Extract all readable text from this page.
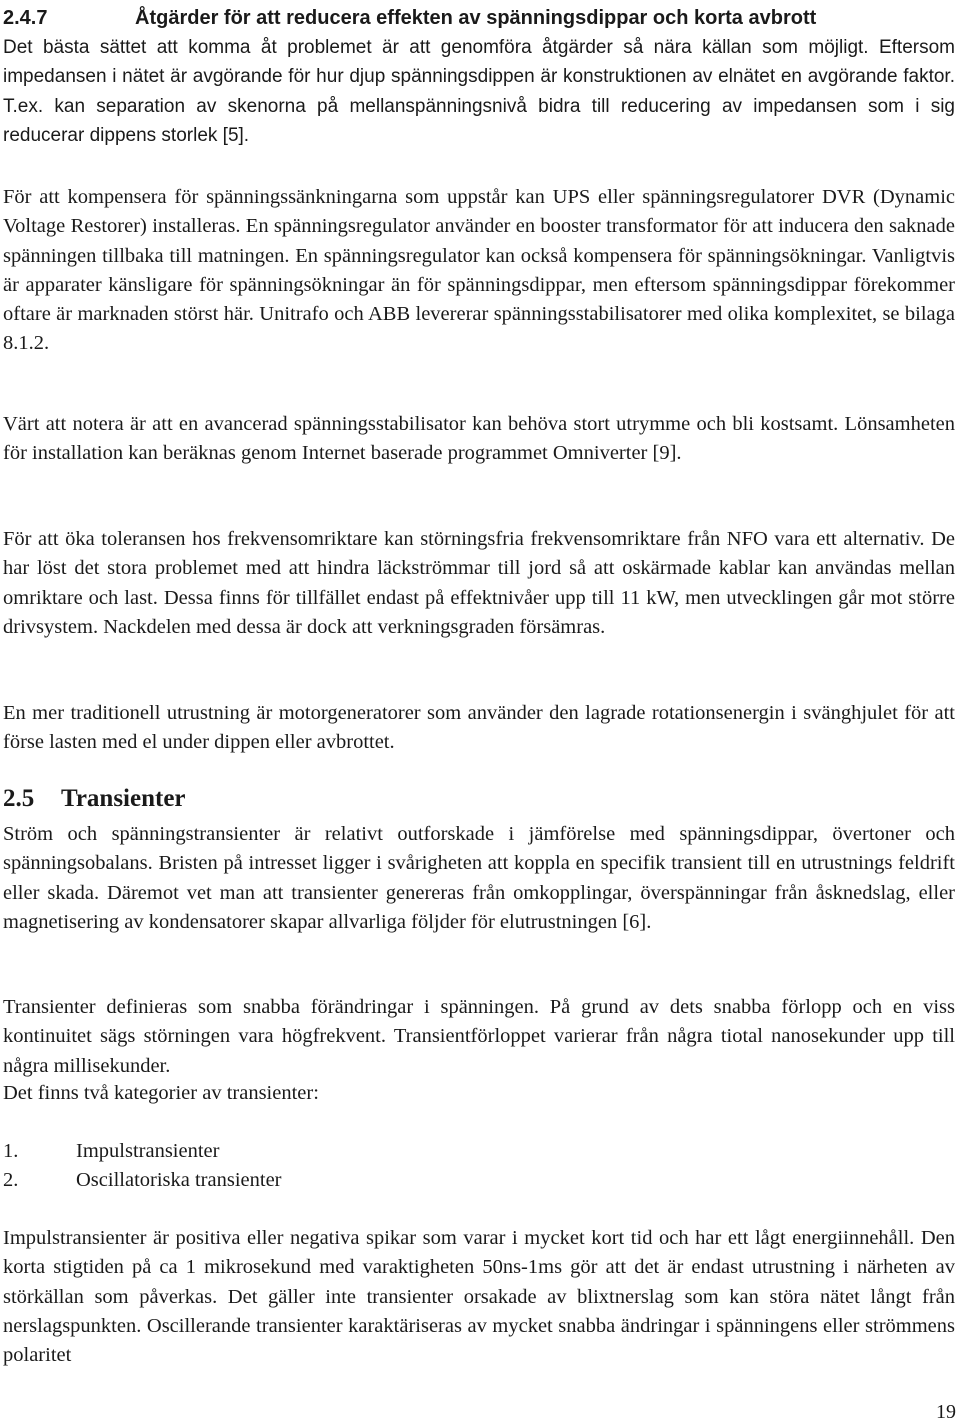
2.4.7	Åtgärder för att reducera effekten av spänningsdippar och korta avbrott

Det bästa sättet att komma åt problemet är att genomföra åtgärder så nära källan som möjligt. Eftersom impedansen i nätet är avgörande för hur djup spänningsdippen är konstruktionen av elnätet en avgörande faktor. T.ex. kan separation av skenorna på mellanspänningsnivå bidra till reducering av impedansen som i sig reducerar dippens storlek [5].

För att kompensera för spänningssänkningarna som uppstår kan UPS eller spänningsregulatorer DVR (Dynamic Voltage Restorer) installeras. En spänningsregulator använder en booster transformator för att inducera den saknade spänningen tillbaka till matningen. En spänningsregulator kan också kompensera för spänningsökningar. Vanligtvis är apparater känsligare för spänningsökningar än för spänningsdippar, men eftersom spänningsdippar förekommer oftare är marknaden störst här. Unitrafo och ABB levererar spänningsstabilisatorer med olika komplexitet, se bilaga 8.1.2.

Värt att notera är att en avancerad spänningsstabilisator kan behöva stort utrymme och bli kostsamt. Lönsamheten för installation kan beräknas genom Internet baserade programmet Omniverter [9].

För att öka toleransen hos frekvensomriktare kan störningsfria frekvensomriktare från NFO vara ett alternativ. De har löst det stora problemet med att hindra läckströmmar till jord så att oskärmade kablar kan användas mellan omriktare och last. Dessa finns för tillfället endast på effektnivåer upp till 11 kW, men utvecklingen går mot större drivsystem. Nackdelen med dessa är dock att verkningsgraden försämras.

En mer traditionell utrustning är motorgeneratorer som använder den lagrade rotationsenergin i svänghjulet för att förse lasten med el under dippen eller avbrottet.

2.5 Transienter

Ström och spänningstransienter är relativt outforskade i jämförelse med spänningsdippar, övertoner och spänningsobalans. Bristen på intresset ligger i svårigheten att koppla en specifik transient till en utrustnings feldrift eller skada. Däremot vet man att transienter genereras från omkopplingar, överspänningar från åsknedslag, eller magnetisering av kondensatorer skapar allvarliga följder för elutrustningen [6].

Transienter definieras som snabba förändringar i spänningen. På grund av dets snabba förlopp och en viss kontinuitet sägs störningen vara högfrekvent. Transientförloppet varierar från några tiotal nanosekunder upp till några millisekunder.

Det finns två kategorier av transienter:

1.	Impulstransienter
2.	Oscillatoriska transienter

Impulstransienter är positiva eller negativa spikar som varar i mycket kort tid och har ett lågt energiinnehåll. Den korta stigtiden på ca 1 mikrosekund med varaktigheten 50ns-1ms gör att det är endast utrustning i närheten av störkällan som påverkas. Det gäller inte transienter orsakade av blixtnerslag som kan störa nätet långt från nerslagspunkten. Oscillerande transienter karaktäriseras av mycket snabba ändringar i spänningens eller strömmens polaritet

19
